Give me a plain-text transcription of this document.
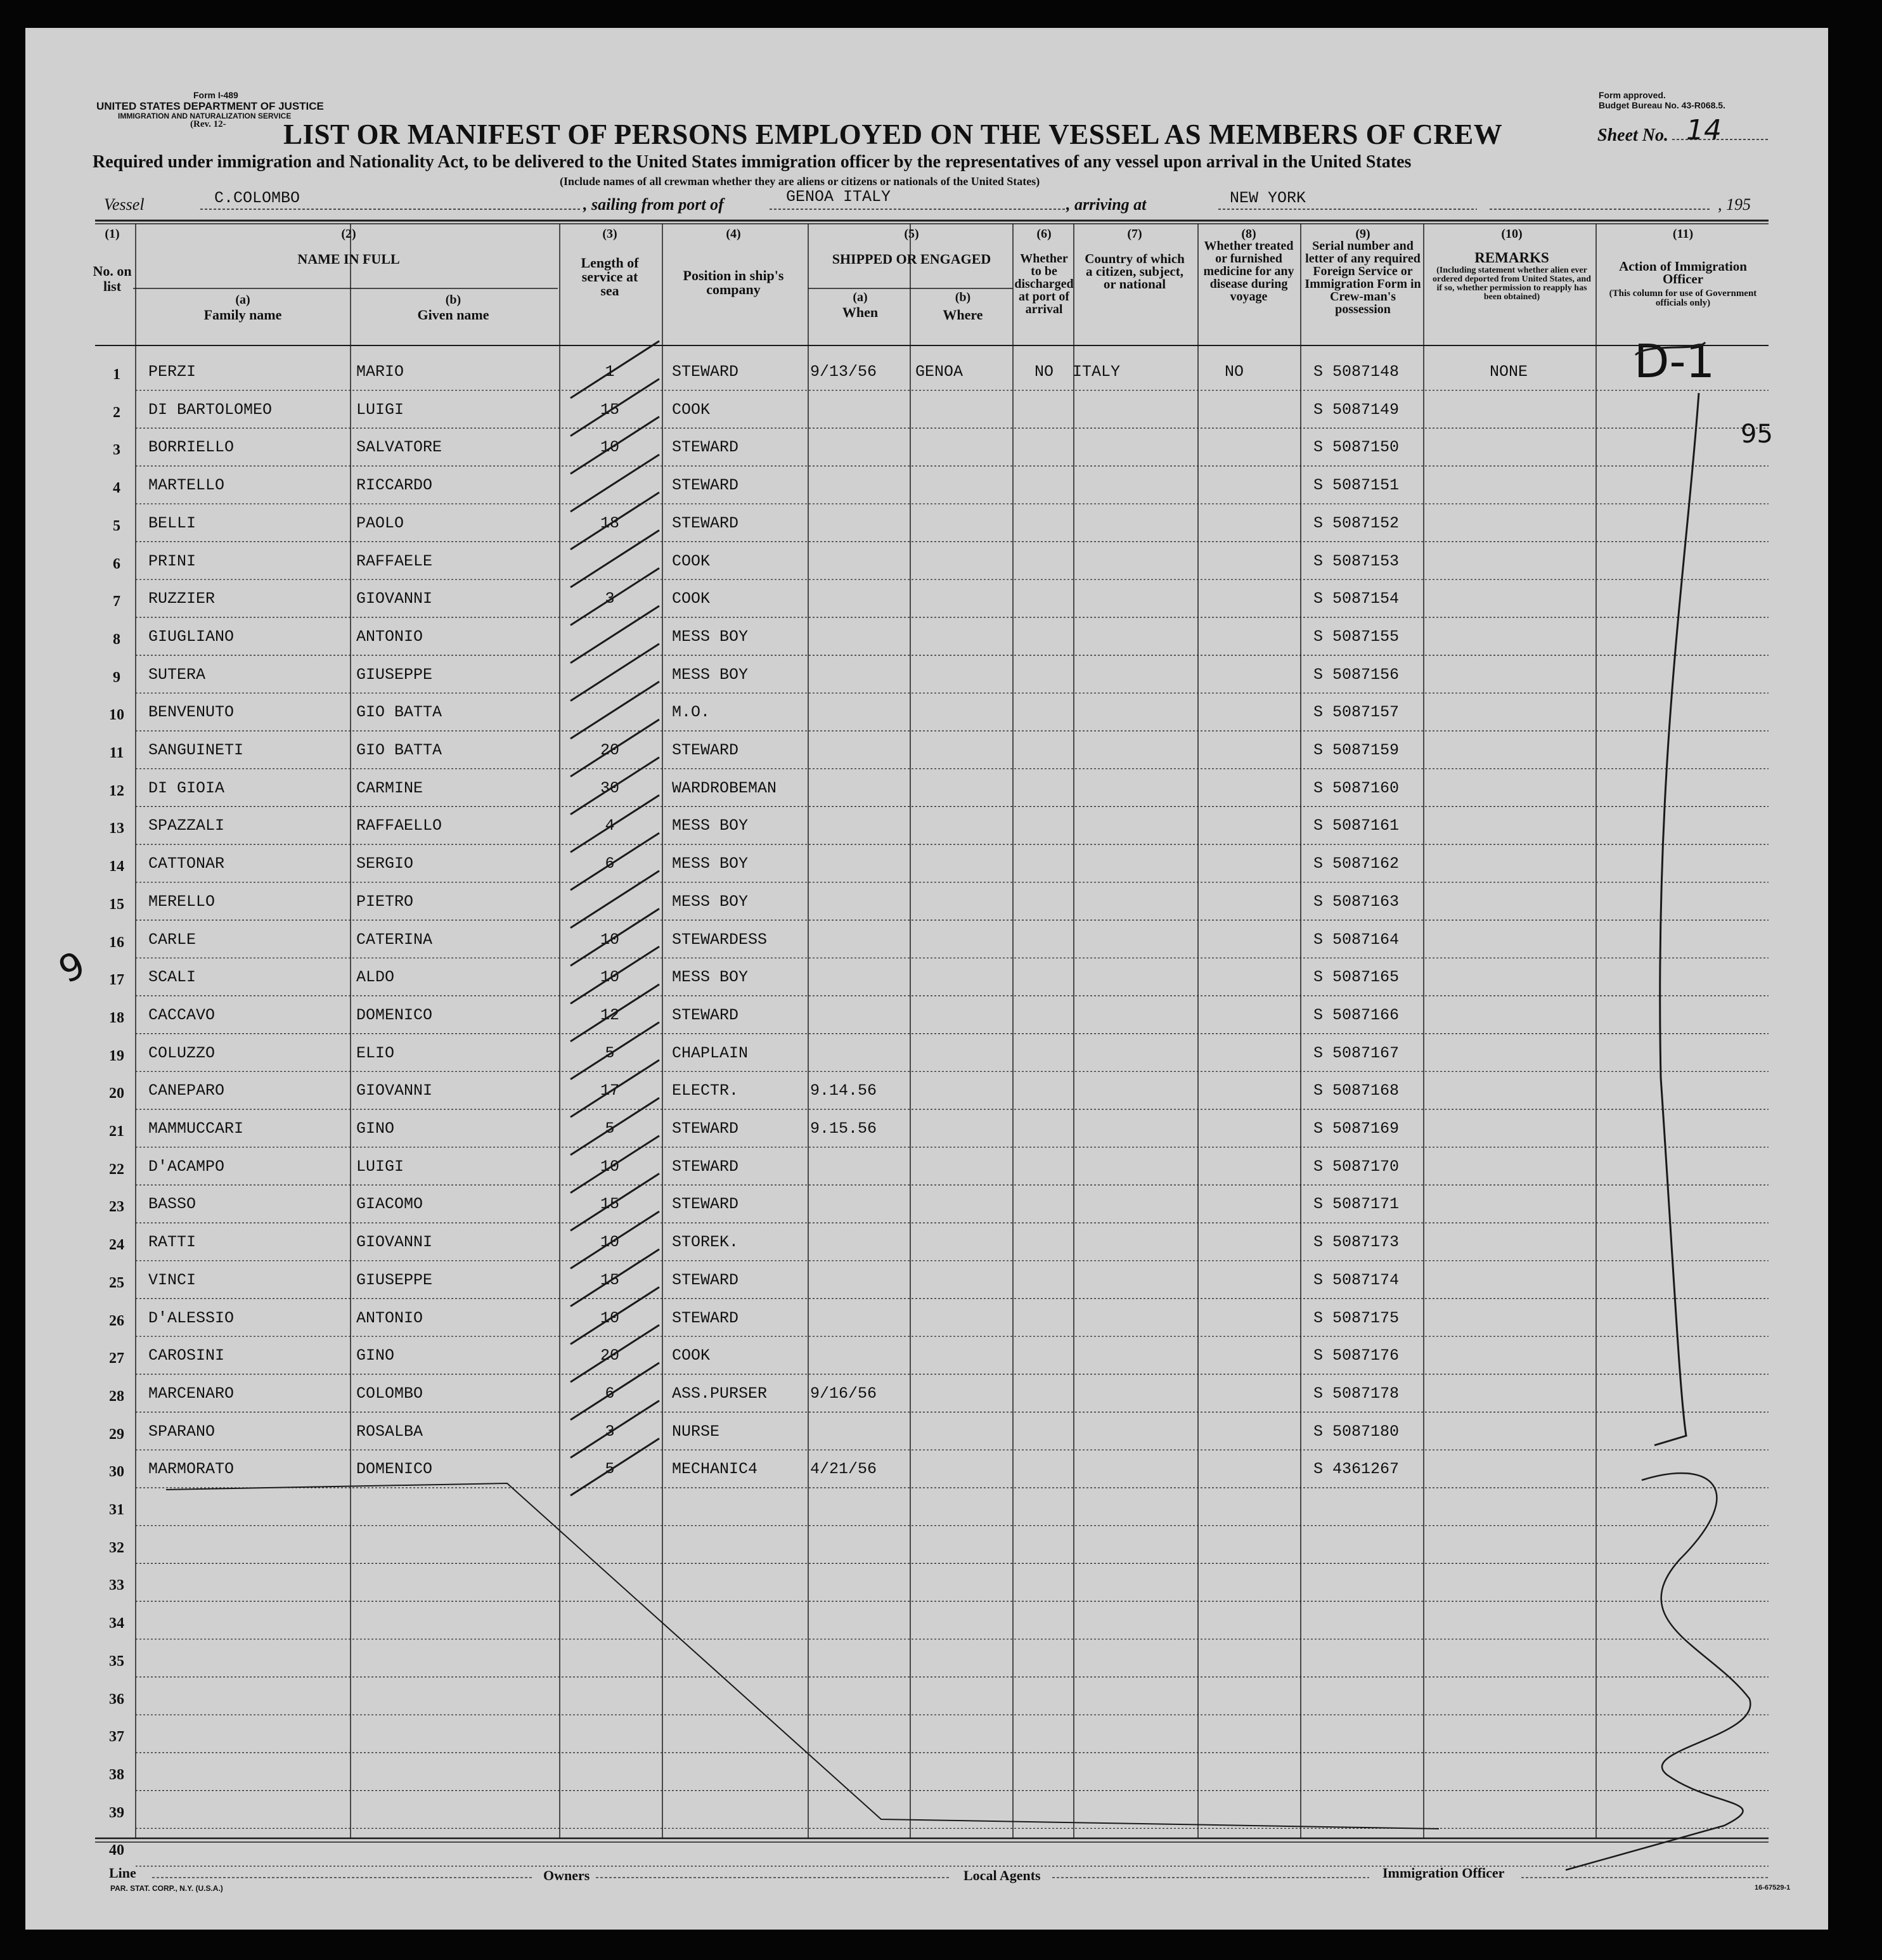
Form I-489
UNITED STATES DEPARTMENT OF JUSTICE
IMMIGRATION AND NATURALIZATION SERVICE
(Rev. 12-
Form approved.
Budget Bureau No. 43-R068.5.
LIST OR MANIFEST OF PERSONS EMPLOYED ON THE VESSEL AS MEMBERS OF CREW	Sheet No. 14
Required under immigration and Nationality Act, to be delivered to the United States immigration officer by the representatives of any vessel upon arrival in the United States
(Include names of all crewman whether they are aliens or citizens or nationals of the United States)
Vessel	C.COLOMBO	, sailing from port of	GENOA ITALY	, arriving at	NEW YORK	, 195
(1)
No. on list
(2)
NAME IN FULL
(a)
Family name
(b)
Given name
(3)
Length of service at sea
(4)
Position in ship's company
(5)
SHIPPED OR ENGAGED
(a)
When
(b)
Where
(6)
Whether to be discharged at port of arrival
(7)
Country of which a citizen, subject, or national
(8)
Whether treated or furnished medicine for any disease during voyage
(9)
Serial number and letter of any required Foreign Service or Immigration Form in Crew-man's possession
(10)
REMARKS
(Including statement whether alien ever ordered deported from United States, and if so, whether permission to reapply has been obtained)
(11)
Action of Immigration Officer
(This column for use of Government officials only)
1	PERZI	MARIO	1	STEWARD	9/13/56 GENOA	NO ITALY	NO	S 5087148	NONE
2	DI BARTOLOMEO	LUIGI	15	COOK	S 5087149
3	BORRIELLO	SALVATORE	10	STEWARD	S 5087150
4	MARTELLO	RICCARDO	STEWARD	S 5087151
5	BELLI	PAOLO	18	STEWARD	S 5087152
6	PRINI	RAFFAELE	COOK	S 5087153
7	RUZZIER	GIOVANNI	3	COOK	S 5087154
8	GIUGLIANO	ANTONIO	MESS BOY	S 5087155
9	SUTERA	GIUSEPPE	MESS BOY	S 5087156
10	BENVENUTO	GIO BATTA	M.O.	S 5087157
11	SANGUINETI	GIO BATTA	20	STEWARD	S 5087159
12	DI GIOIA	CARMINE	30	WARDROBEMAN	S 5087160
13	SPAZZALI	RAFFAELLO	4	MESS BOY	S 5087161
14	CATTONAR	SERGIO	6	MESS BOY	S 5087162
15	MERELLO	PIETRO	MESS BOY	S 5087163
16	CARLE	CATERINA	10	STEWARDESS	S 5087164
17	SCALI	ALDO	10	MESS BOY	S 5087165
18	CACCAVO	DOMENICO	12	STEWARD	S 5087166
19	COLUZZO	ELIO	5	CHAPLAIN	S 5087167
20	CANEPARO	GIOVANNI	17	ELECTR.	9.14.56	S 5087168
21	MAMMUCCARI	GINO	5	STEWARD	9.15.56	S 5087169
22	D'ACAMPO	LUIGI	10	STEWARD	S 5087170
23	BASSO	GIACOMO	15	STEWARD	S 5087171
24	RATTI	GIOVANNI	10	STOREK.	S 5087173
25	VINCI	GIUSEPPE	15	STEWARD	S 5087174
26	D'ALESSIO	ANTONIO	10	STEWARD	S 5087175
27	CAROSINI	GINO	20	COOK	S 5087176
28	MARCENARO	COLOMBO	6	ASS.PURSER	9/16/56	S 5087178
29	SPARANO	ROSALBA	3	NURSE	S 5087180
30	MARMORATO	DOMENICO	5	MECHANIC4	4/21/56	S 4361267
31
32
33
34
35
36
37
38
39
40
D-1
95
9
Line	Owners	Local Agents	Immigration Officer
PAR. STAT. CORP., N.Y. (U.S.A.)	16-67529-1
